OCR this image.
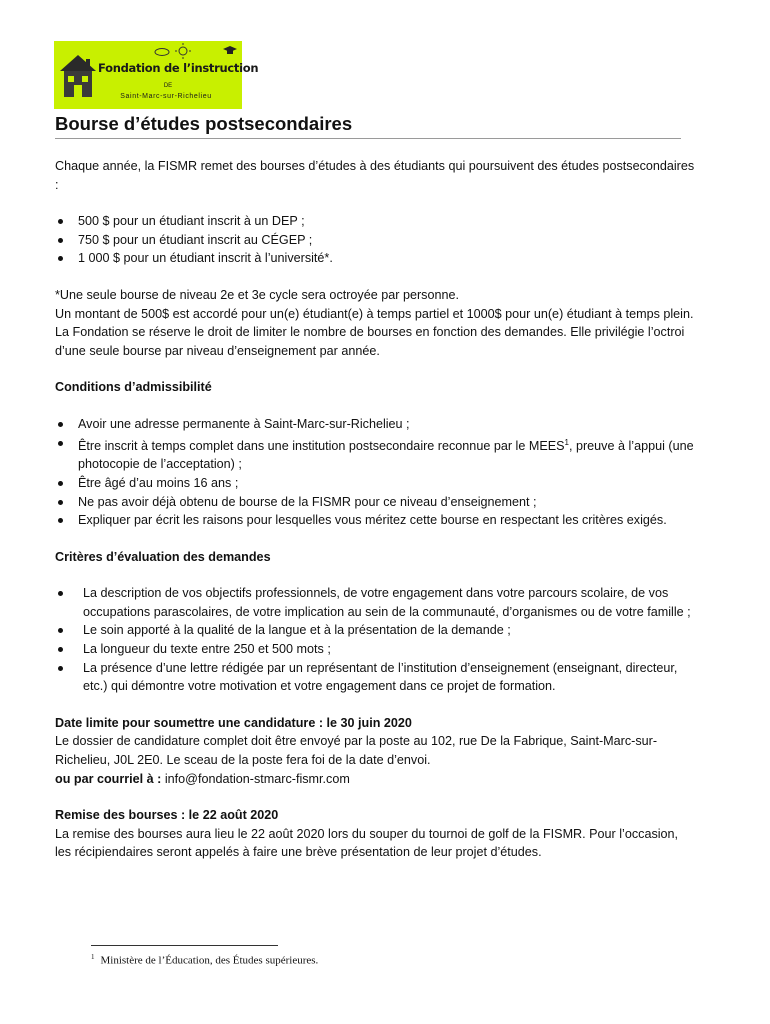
Fondation de l’instruction
DE
Saint-Marc-sur-Richelieu
Bourse d’études postsecondaires

Chaque année, la FISMR remet des bourses d’études à des étudiants qui poursuivent des études postsecondaires :

500 $ pour un étudiant inscrit à un DEP ;
750 $ pour un étudiant inscrit au CÉGEP ;
1 000 $ pour un étudiant inscrit à l’université*.

*Une seule bourse de niveau 2e et 3e cycle sera octroyée par personne.

Un montant de 500$ est accordé pour un(e) étudiant(e) à temps partiel et 1000$ pour un(e) étudiant à temps plein.

La Fondation se réserve le droit de limiter le nombre de bourses en fonction des demandes. Elle privilégie l’octroi d’une seule bourse par niveau d’enseignement par année.

Conditions d’admissibilité
Avoir une adresse permanente à Saint-Marc-sur-Richelieu ;
Être inscrit à temps complet dans une institution postsecondaire reconnue par le MEES$^1$, preuve à l’appui (une photocopie de l’acceptation) ;
Être âgé d’au moins 16 ans ;
Ne pas avoir déjà obtenu de bourse de la FISMR pour ce niveau d’enseignement ;
Expliquer par écrit les raisons pour lesquelles vous méritez cette bourse en respectant les critères exigés.
Critères d’évaluation des demandes
La description de vos objectifs professionnels, de votre engagement dans votre parcours scolaire, de vos occupations parascolaires, de votre implication au sein de la communauté, d’organismes ou de votre famille ;
Le soin apporté à la qualité de la langue et à la présentation de la demande ;
La longueur du texte entre 250 et 500 mots ;
La présence d’une lettre rédigée par un représentant de l’institution d’enseignement (enseignant, directeur, etc.) qui démontre votre motivation et votre engagement dans ce projet de formation.
Date limite pour soumettre une candidature : le 30 juin 2020

Le dossier de candidature complet doit être envoyé par la poste au 102, rue De la Fabrique, Saint-Marc-sur-Richelieu, J0L 2E0. Le sceau de la poste fera foi de la date d’envoi.

ou par courriel à : info@fondation-stmarc-fismr.com

Remise des bourses : le 22 août 2020

La remise des bourses aura lieu le 22 août 2020 lors du souper du tournoi de golf de la FISMR. Pour l’occasion, les récipiendaires seront appelés à faire une brève présentation de leur projet d’études.

$^1$ Ministère de l’Éducation, des Études supérieures.
